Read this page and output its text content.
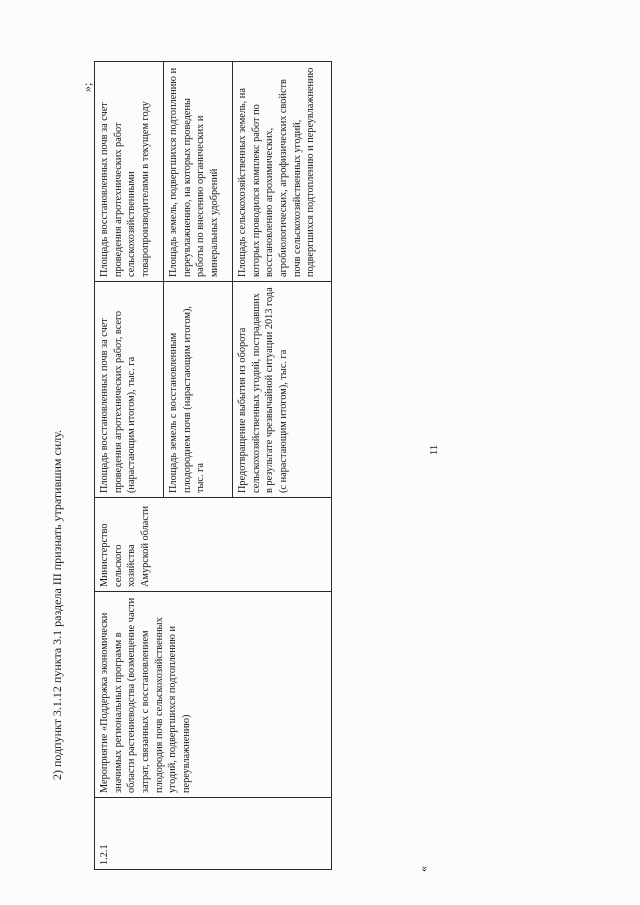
11
«
1.2.1	Мероприятие «Поддержка экономически значимых региональных программ в области растениеводства (возмещение части затрат, связанных с восстановлением плодородия почв сельскохозяйственных угодий, подвергшихся подтоплению и переувлажнению)	Министерство сельского хозяйства Амурской области	Площадь восстановленных почв за счет проведения агротехнических работ, всего (нарастающим итогом), тыс. га	Площадь восстановленных почв за счет проведения агротехнических работ сельскохозяйственными товаропроизводителями в текущем году
			Площадь земель с восстановленным плодородием почв (нарастающим итогом), тыс. га	Площадь земель, подвергшихся подтоплению и переувлажнению, на которых проведены работы по внесению органических и минеральных удобрений
			Предотвращение выбытия из оборота сельскохозяйственных угодий, пострадавших в результате чрезвычайной ситуации 2013 года (с нарастающим итогом), тыс. га	Площадь сельскохозяйственных земель, на которых проводился комплекс работ по восстановлению агрохимических, агробиологических, агрофизических свойств почв сельскохозяйственных угодий, подвергшихся подтоплению и переувлажнению
»;
2) подпункт 3.1.12 пункта 3.1 раздела III признать утратившим силу.
